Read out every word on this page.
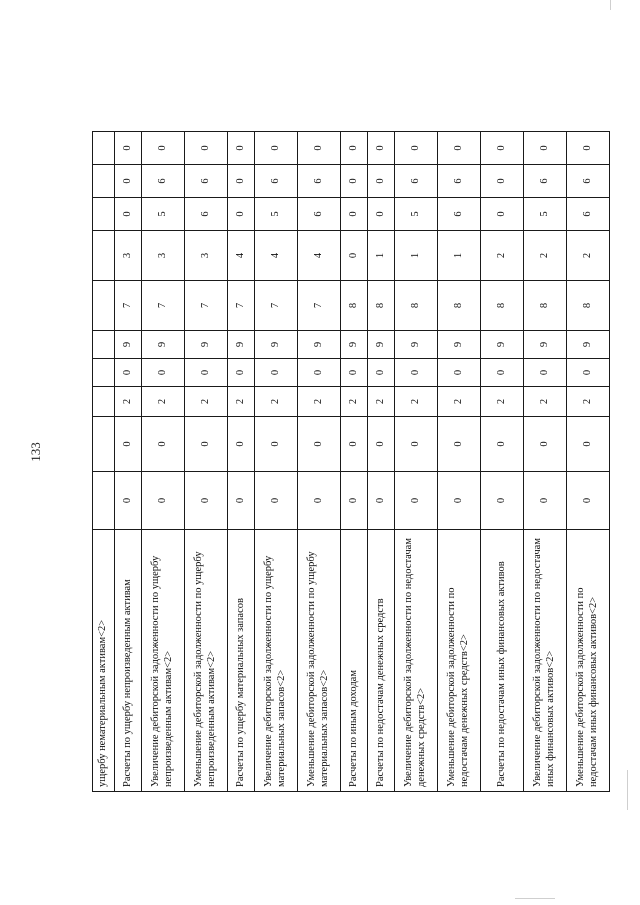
133
ущербу нематериальным активам<2>										
Расчеты по ущербу непроизведенным активам	0	0	2	0	9	7	3	0	0	0
Увеличение дебиторской задолженности по ущербу непроизведенным активам<2>	0	0	2	0	9	7	3	5	6	0
Уменьшение дебиторской задолженности по ущербу непроизведенным активам<2>	0	0	2	0	9	7	3	6	6	0
Расчеты по ущербу материальных запасов	0	0	2	0	9	7	4	0	0	0
Увеличение дебиторской задолженности по ущербу материальных запасов<2>	0	0	2	0	9	7	4	5	6	0
Уменьшение дебиторской задолженности по ущербу материальных запасов<2>	0	0	2	0	9	7	4	6	6	0
Расчеты по иным доходам	0	0	2	0	9	8	0	0	0	0
Расчеты по недостачам денежных средств	0	0	2	0	9	8	1	0	0	0
Увеличение дебиторской задолженности по недостачам денежных средств<2>	0	0	2	0	9	8	1	5	6	0
Уменьшение дебиторской задолженности по недостачам денежных средств<2>	0	0	2	0	9	8	1	6	6	0
Расчеты по недостачам иных финансовых активов	0	0	2	0	9	8	2	0	0	0
Увеличение дебиторской задолженности по недостачам иных финансовых активов<2>	0	0	2	0	9	8	2	5	6	0
Уменьшение дебиторской задолженности по недостачам иных финансовых активов<2>	0	0	2	0	9	8	2	6	6	0
